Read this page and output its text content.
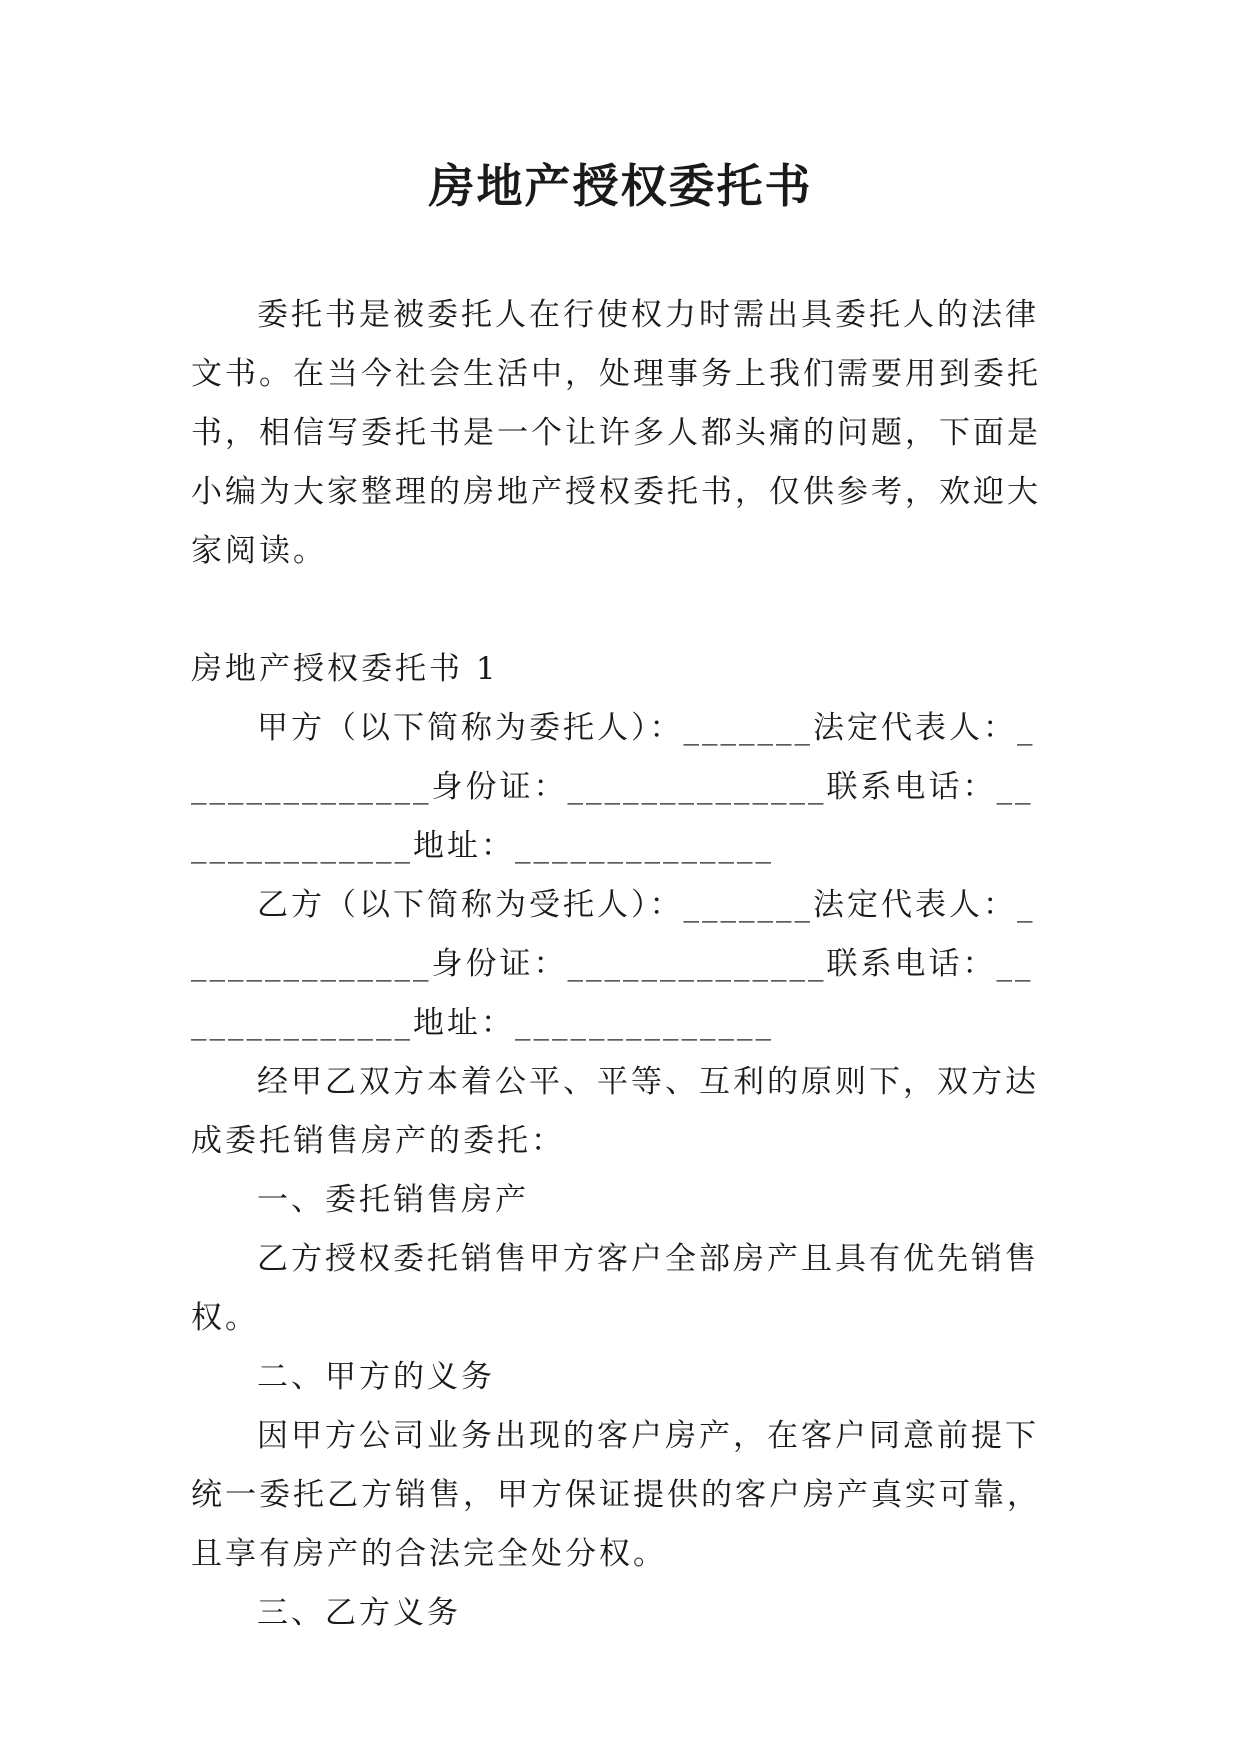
房地产授权委托书

委托书是被委托人在行使权力时需出具委托人的法律文书。在当今社会生活中，处理事务上我们需要用到委托书，相信写委托书是一个让许多人都头痛的问题，下面是小编为大家整理的房地产授权委托书，仅供参考，欢迎大家阅读。

房地产授权委托书 1

甲方（以下简称为委托人）：_______法定代表人：______________身份证：______________联系电话：______________地址：______________

乙方（以下简称为受托人）：_______法定代表人：______________身份证：______________联系电话：______________地址：______________

经甲乙双方本着公平、平等、互利的原则下，双方达成委托销售房产的委托：

一、委托销售房产

乙方授权委托销售甲方客户全部房产且具有优先销售权。

二、甲方的义务

因甲方公司业务出现的客户房产，在客户同意前提下统一委托乙方销售，甲方保证提供的客户房产真实可靠，且享有房产的合法完全处分权。

三、乙方义务
